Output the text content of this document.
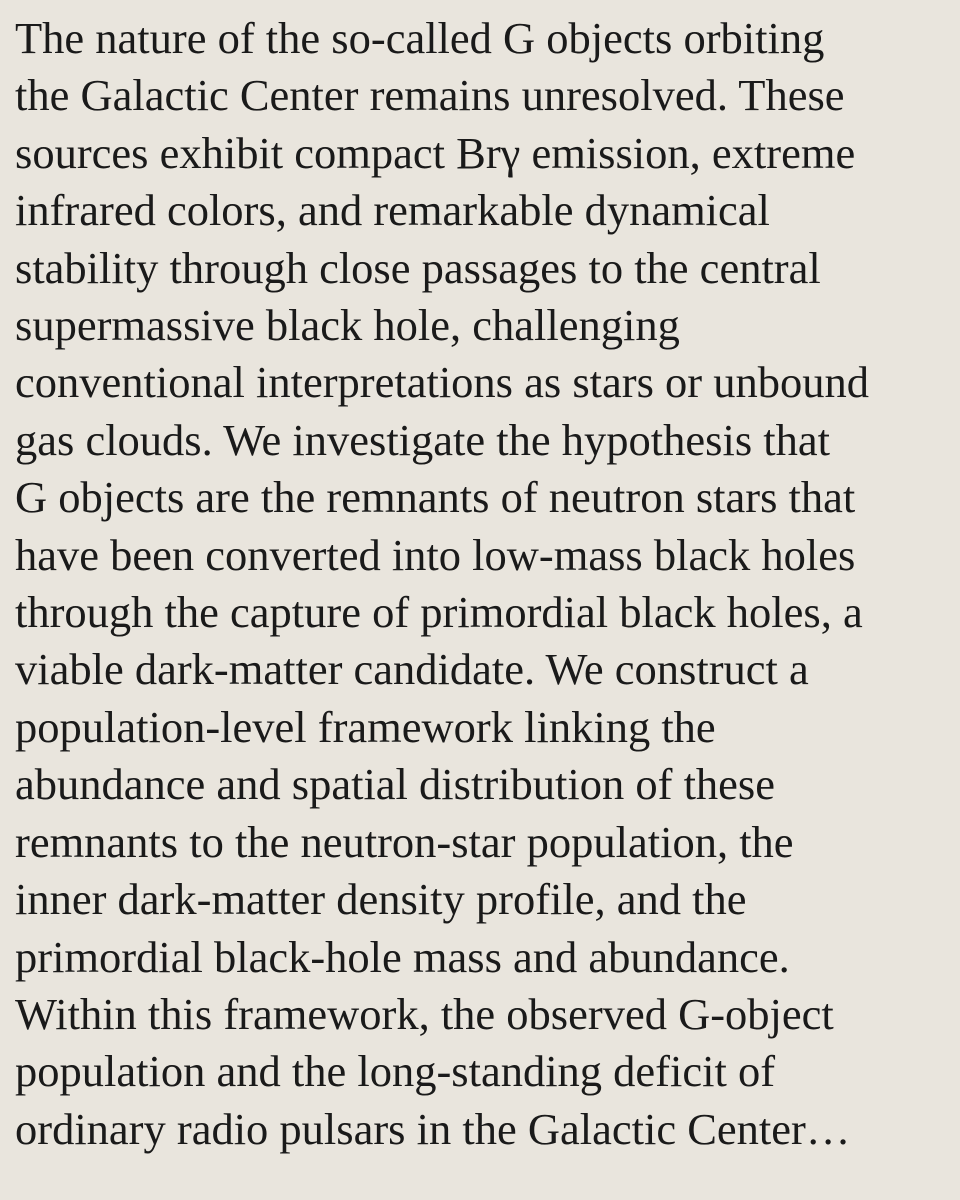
The nature of the so-called G objects orbiting
the Galactic Center remains unresolved. These
sources exhibit compact Brγ emission, extreme
infrared colors, and remarkable dynamical
stability through close passages to the central
supermassive black hole, challenging
conventional interpretations as stars or unbound
gas clouds. We investigate the hypothesis that
G objects are the remnants of neutron stars that
have been converted into low-mass black holes
through the capture of primordial black holes, a
viable dark-matter candidate. We construct a
population-level framework linking the
abundance and spatial distribution of these
remnants to the neutron-star population, the
inner dark-matter density profile, and the
primordial black-hole mass and abundance.
Within this framework, the observed G-object
population and the long-standing deficit of
ordinary radio pulsars in the Galactic Center…
